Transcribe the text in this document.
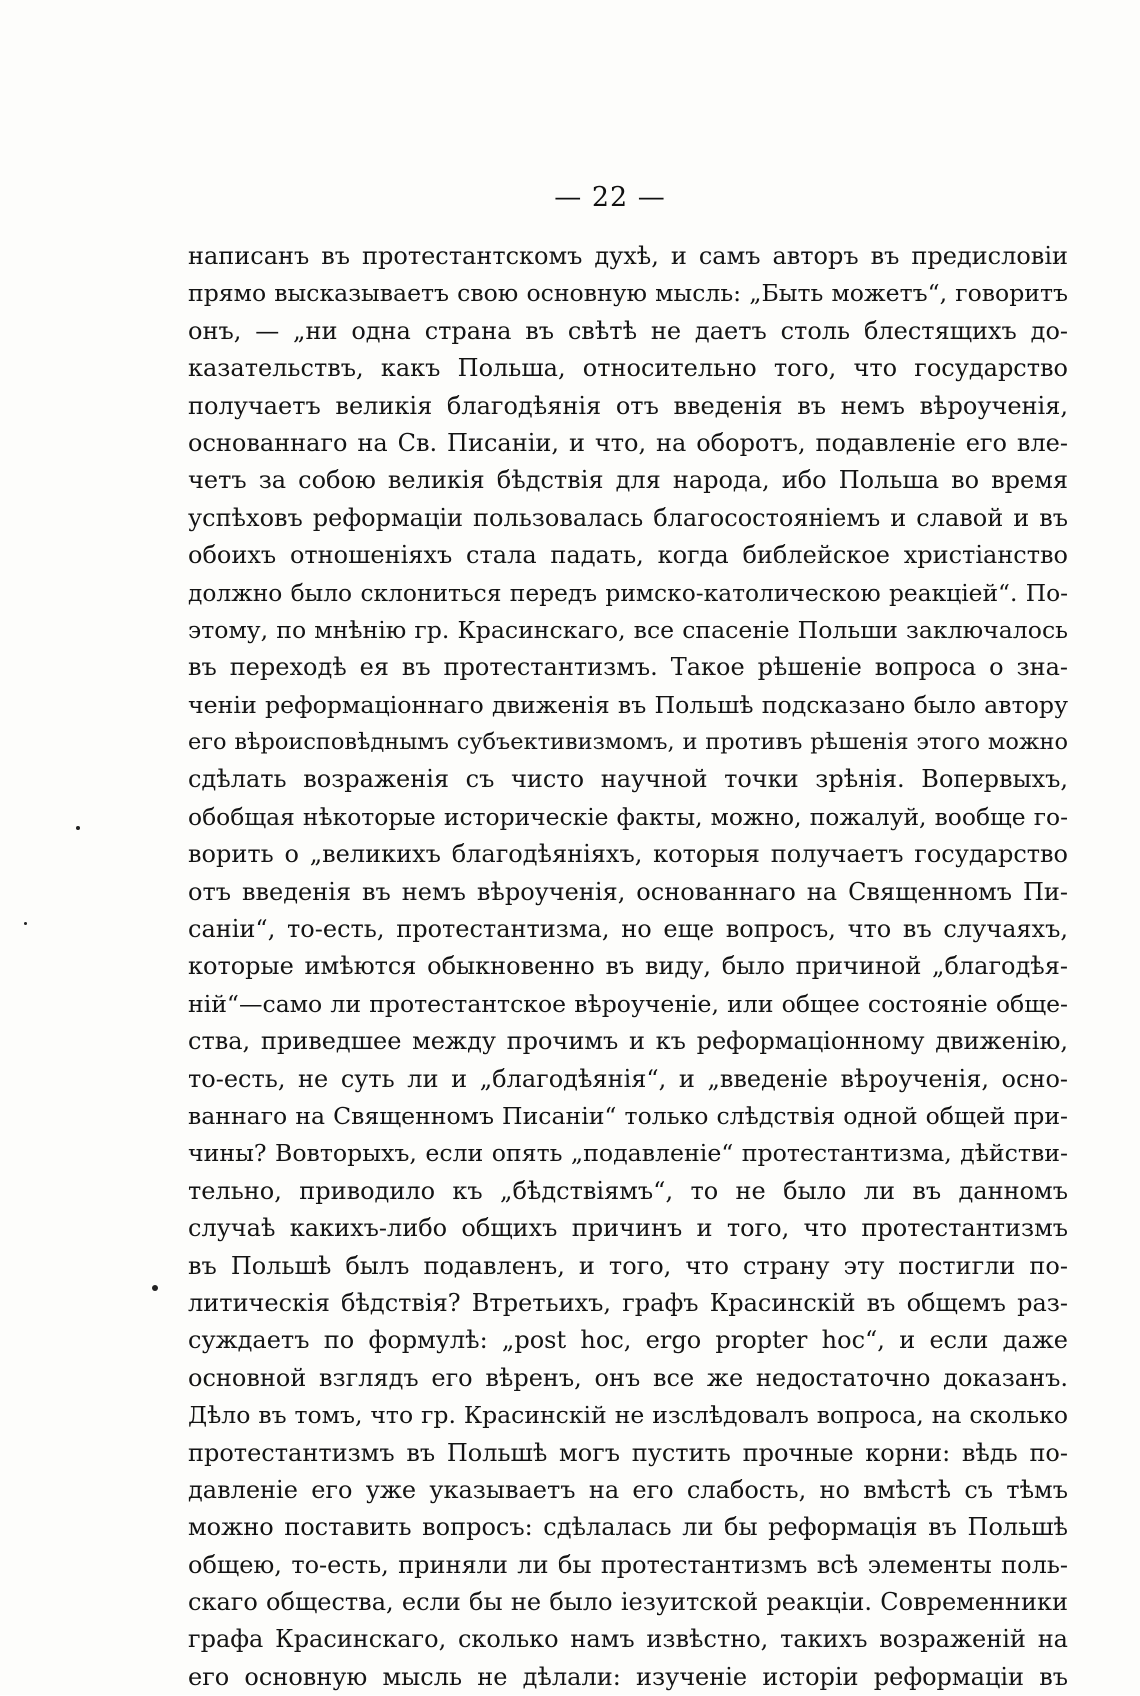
— 22 —
написанъ въ протестантскомъ духѣ, и самъ авторъ въ предисловіи
прямо высказываетъ свою основную мысль: „Быть можетъ“, говоритъ
онъ, — „ни одна страна въ свѣтѣ не даетъ столь блестящихъ до-
казательствъ, какъ Польша, относительно того, что государство
получаетъ великія благодѣянія отъ введенія въ немъ вѣроученія,
основаннаго на Св. Писаніи, и что, на оборотъ, подавленіе его вле-
четъ за собою великія бѣдствія для народа, ибо Польша во время
успѣховъ реформаціи пользовалась благосостояніемъ и славой и въ
обоихъ отношеніяхъ стала падать, когда библейское христіанство
должно было склониться передъ римско-католическою реакціей“. По-
этому, по мнѣнію гр. Красинскаго, все спасеніе Польши заключалось
въ переходѣ ея въ протестантизмъ. Такое рѣшеніе вопроса о зна-
ченіи реформаціоннаго движенія въ Польшѣ подсказано было автору
его вѣроисповѣднымъ субъективизмомъ, и противъ рѣшенія этого можно
сдѣлать возраженія съ чисто научной точки зрѣнія. Вопервыхъ,
обобщая нѣкоторые историческіе факты, можно, пожалуй, вообще го-
ворить о „великихъ благодѣяніяхъ, которыя получаетъ государство
отъ введенія въ немъ вѣроученія, основаннаго на Священномъ Пи-
саніи“, то-есть, протестантизма, но еще вопросъ, что въ случаяхъ,
которые имѣются обыкновенно въ виду, было причиной „благодѣя-
ній“—само ли протестантское вѣроученіе, или общее состояніе обще-
ства, приведшее между прочимъ и къ реформаціонному движенію,
то-есть, не суть ли и „благодѣянія“, и „введеніе вѣроученія, осно-
ваннаго на Священномъ Писаніи“ только слѣдствія одной общей при-
чины? Вовторыхъ, если опять „подавленіе“ протестантизма, дѣйстви-
тельно, приводило къ „бѣдствіямъ“, то не было ли въ данномъ
случаѣ какихъ-либо общихъ причинъ и того, что протестантизмъ
въ Польшѣ былъ подавленъ, и того, что страну эту постигли по-
литическія бѣдствія? Втретьихъ, графъ Красинскій въ общемъ раз-
суждаетъ по формулѣ: „post hoc, ergo propter hoc“, и если даже
основной взглядъ его вѣренъ, онъ все же недостаточно доказанъ.
Дѣло въ томъ, что гр. Красинскій не изслѣдовалъ вопроса, на сколько
протестантизмъ въ Польшѣ могъ пустить прочные корни: вѣдь по-
давленіе его уже указываетъ на его слабость, но вмѣстѣ съ тѣмъ
можно поставить вопросъ: сдѣлалась ли бы реформація въ Польшѣ
общею, то-есть, приняли ли бы протестантизмъ всѣ элементы поль-
скаго общества, если бы не было іезуитской реакціи. Современники
графа Красинскаго, сколько намъ извѣстно, такихъ возраженій на
его основную мысль не дѣлали: изученіе исторіи реформаціи въ
